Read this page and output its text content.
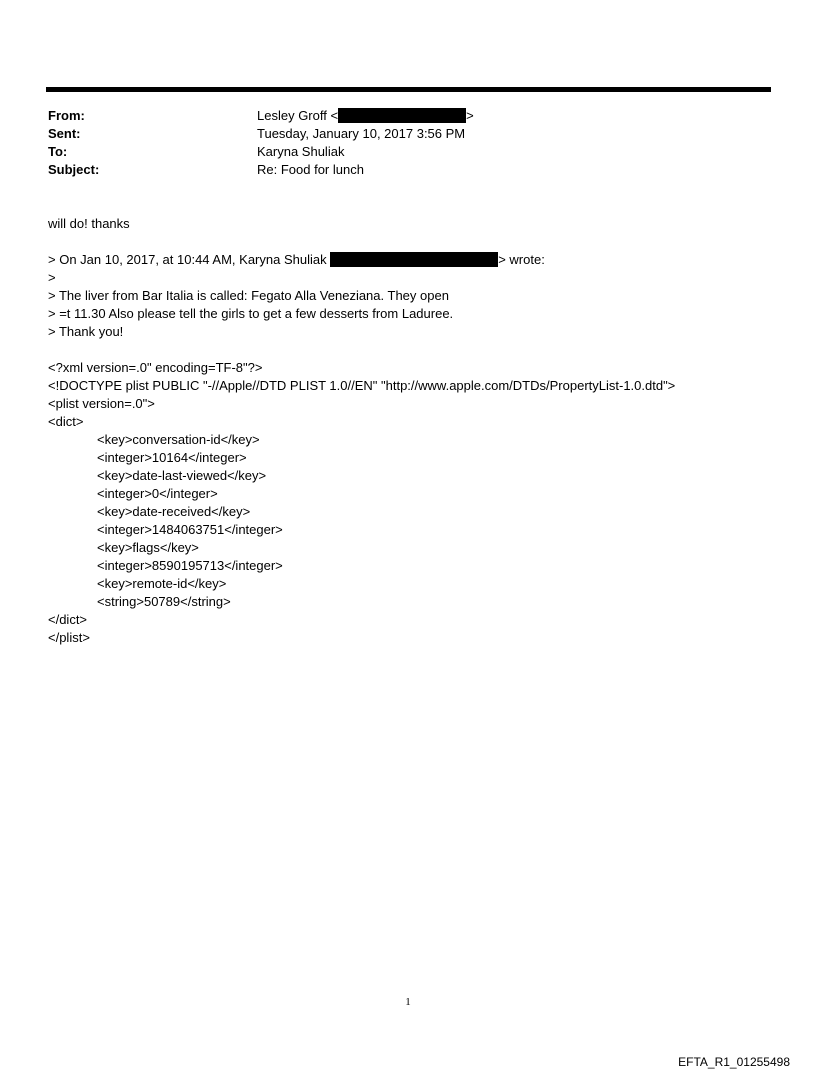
From:	Lesley Groff <	>
Sent:	Tuesday, January 10, 2017 3:56 PM
To:	Karyna Shuliak
Subject:	Re: Food for lunch
will do! thanks
> On Jan 10, 2017, at 10:44 AM, Karyna Shuliak	> wrote:
>
> The liver from Bar Italia is called: Fegato Alla Veneziana. They open
> =t 11.30 Also please tell the girls to get a few desserts from Laduree.
> Thank you!
<?xml version=.0" encoding=TF-8"?>
<!DOCTYPE plist PUBLIC "-//Apple//DTD PLIST 1.0//EN" "http://www.apple.com/DTDs/PropertyList-1.0.dtd">
<plist version=.0">
<dict>
<key>conversation-id</key>
<integer>10164</integer>
<key>date-last-viewed</key>
<integer>0</integer>
<key>date-received</key>
<integer>1484063751</integer>
<key>flags</key>
<integer>8590195713</integer>
<key>remote-id</key>
<string>50789</string>
</dict>
</plist>
1
EFTA_R1_01255498
